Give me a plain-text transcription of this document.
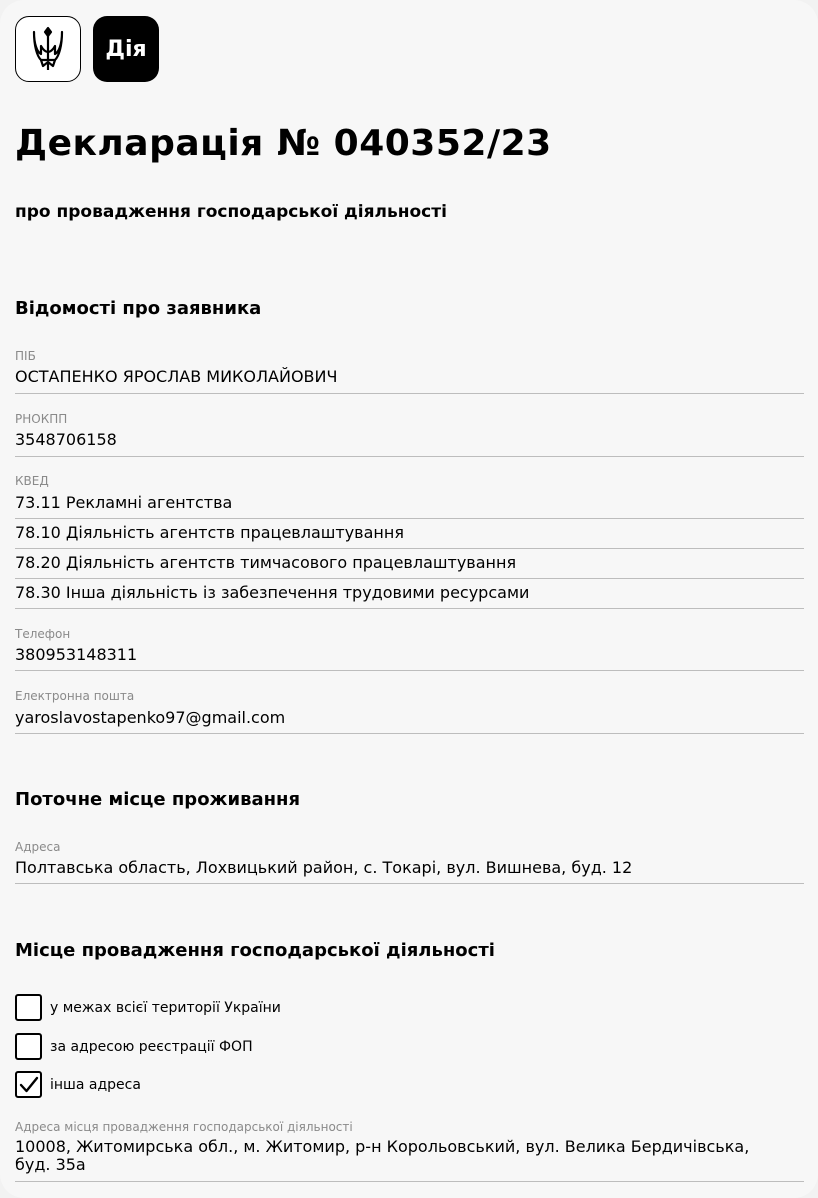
Дія
Декларація № 040352/23
про провадження господарської діяльності
Відомості про заявника
ПІБ
ОСТАПЕНКО ЯРОСЛАВ МИКОЛАЙОВИЧ
РНОКПП
3548706158
КВЕД
73.11 Рекламні агентства
78.10 Діяльність агентств працевлаштування
78.20 Діяльність агентств тимчасового працевлаштування
78.30 Інша діяльність із забезпечення трудовими ресурсами
Телефон
380953148311
Електронна пошта
yaroslavostapenko97@gmail.com
Поточне місце проживання
Адреса
Полтавська область, Лохвицький район, с. Токарі, вул. Вишнева, буд. 12
Місце провадження господарської діяльності
у межах всієї території України
за адресою реєстрації ФОП
інша адреса
Адреса місця провадження господарської діяльності
10008, Житомирська обл., м. Житомир, р-н Корольовський, вул. Велика Бердичівська,
буд. 35а
